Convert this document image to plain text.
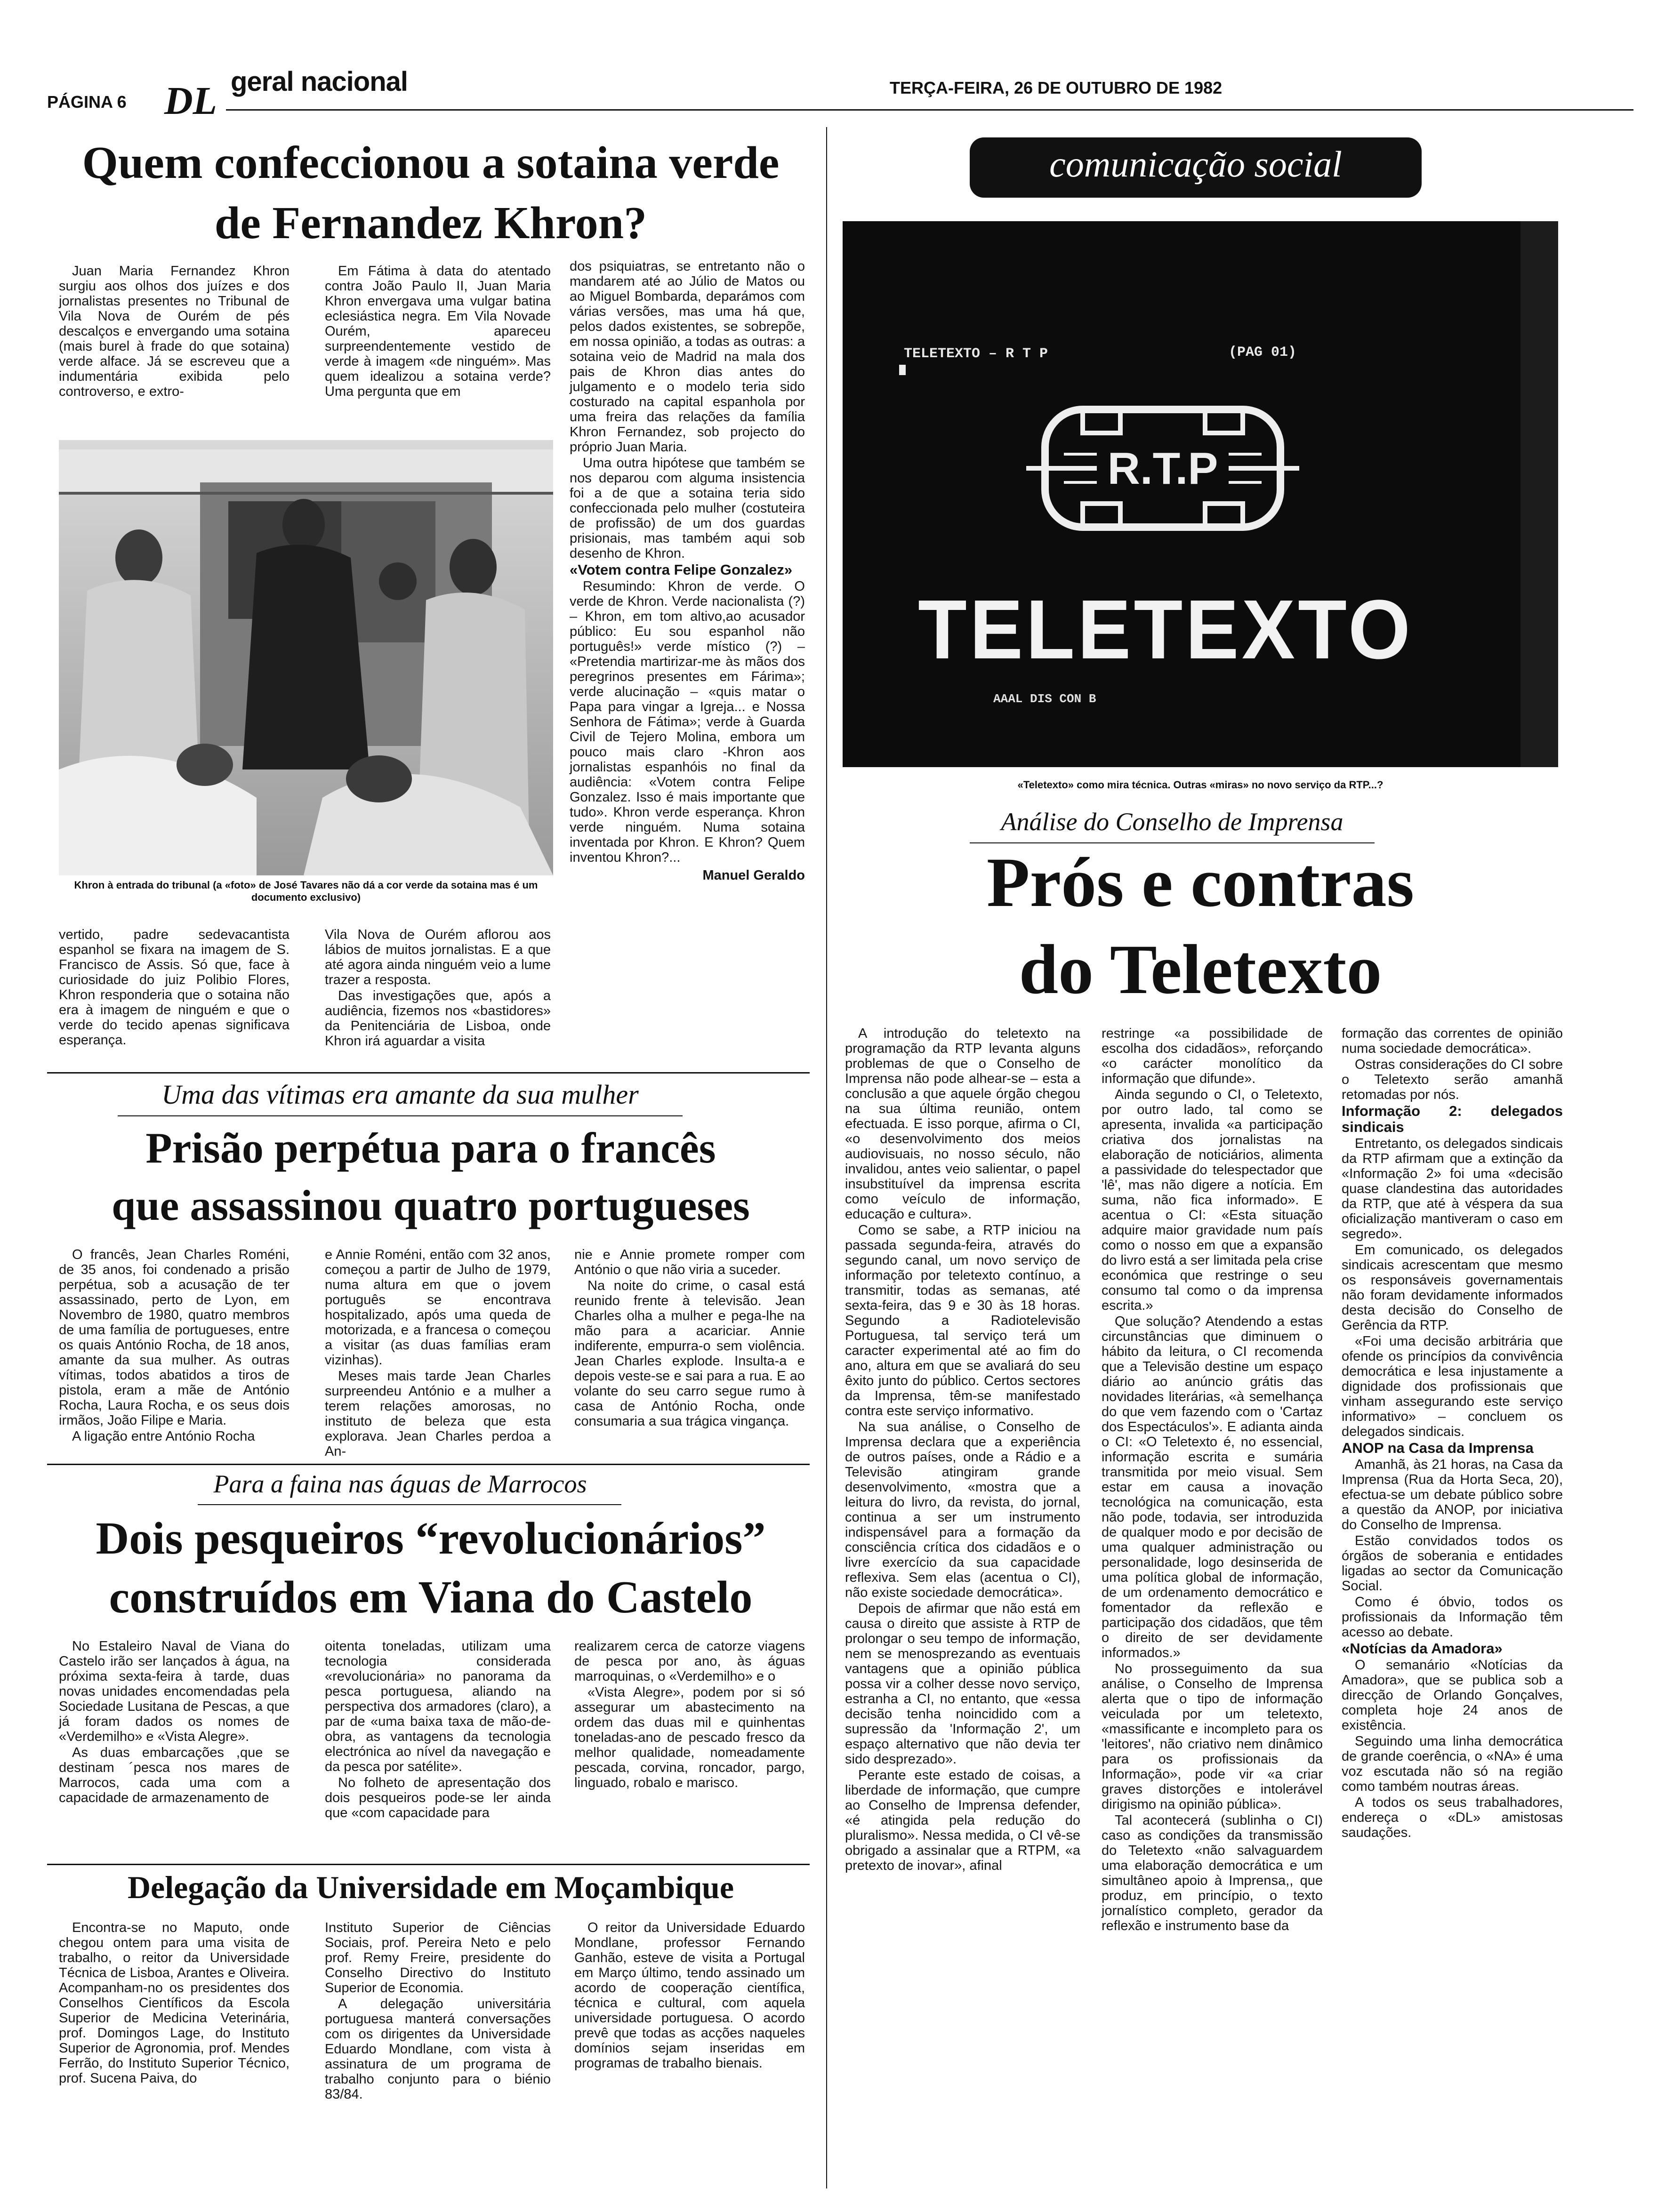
PÁGINA 6 DL geral nacional	TERÇA-FEIRA, 26 DE OUTUBRO DE 1982
Quem confeccionou a sotaina verde
de Fernandez Khron?

Juan Maria Fernandez Khron surgiu aos olhos dos juízes e dos jornalistas presentes no Tribunal de Vila Nova de Ourém de pés descalços e envergando uma sotaina (mais burel à frade do que sotaina) verde alface. Já se escreveu que a indumentária exibida pelo controverso, e extro-

Em Fátima à data do atentado contra João Paulo II, Juan Maria Khron envergava uma vulgar batina eclesiástica negra. Em Vila Novade Ourém, apareceu surpreendentemente vestido de verde à imagem «de ninguém». Mas quem idealizou a sotaina verde? Uma pergunta que em

dos psiquiatras, se entretanto não o mandarem até ao Júlio de Matos ou ao Miguel Bombarda, deparámos com várias versões, mas uma há que, pelos dados existentes, se sobrepõe, em nossa opinião, a todas as outras: a sotaina veio de Madrid na mala dos pais de Khron dias antes do julgamento e o modelo teria sido costurado na capital espanhola por uma freira das relações da família Khron Fernandez, sob projecto do próprio Juan Maria.

Uma outra hipótese que também se nos deparou com alguma insistencia foi a de que a sotaina teria sido confeccionada pelo mulher (costuteira de profissão) de um dos guardas prisionais, mas também aqui sob desenho de Khron.

«Votem contra Felipe Gonzalez»

Resumindo: Khron de verde. O verde de Khron. Verde nacionalista (?) – Khron, em tom altivo,ao acusador público: Eu sou espanhol não português!» verde místico (?) – «Pretendia martirizar-me às mãos dos peregrinos presentes em Fárima»; verde alucinação – «quis matar o Papa para vingar a Igreja... e Nossa Senhora de Fátima»; verde à Guarda Civil de Tejero Molina, embora um pouco mais claro -Khron aos jornalistas espanhóis no final da audiência: «Votem contra Felipe Gonzalez. Isso é mais importante que tudo». Khron verde esperança. Khron verde ninguém. Numa sotaina inventada por Khron. E Khron? Quem inventou Khron?...

Manuel Geraldo

Khron à entrada do tribunal (a «foto» de José Tavares não dá a cor verde da sotaina mas é um documento exclusivo)

vertido, padre sedevacantista espanhol se fixara na imagem de S. Francisco de Assis. Só que, face à curiosidade do juiz Polibio Flores, Khron responderia que o sotaina não era à imagem de ninguém e que o verde do tecido apenas significava esperança.

Vila Nova de Ourém aflorou aos lábios de muitos jornalistas. E a que até agora ainda ninguém veio a lume trazer a resposta.

Das investigações que, após a audiência, fizemos nos «bastidores» da Penitenciária de Lisboa, onde Khron irá aguardar a visita

Uma das vítimas era amante da sua mulher
Prisão perpétua para o francês
que assassinou quatro portugueses

O francês, Jean Charles Roméni, de 35 anos, foi condenado a prisão perpétua, sob a acusação de ter assassinado, perto de Lyon, em Novembro de 1980, quatro membros de uma família de portugueses, entre os quais António Rocha, de 18 anos, amante da sua mulher. As outras vítimas, todos abatidos a tiros de pistola, eram a mãe de António Rocha, Laura Rocha, e os seus dois irmãos, João Filipe e Maria.

A ligação entre António Rocha

e Annie Roméni, então com 32 anos, começou a partir de Julho de 1979, numa altura em que o jovem português se encontrava hospitalizado, após uma queda de motorizada, e a francesa o começou a visitar (as duas famílias eram vizinhas).

Meses mais tarde Jean Charles surpreendeu António e a mulher a terem relações amorosas, no instituto de beleza que esta explorava. Jean Charles perdoa a An-

nie e Annie promete romper com António o que não viria a suceder.

Na noite do crime, o casal está reunido frente à televisão. Jean Charles olha a mulher e pega-lhe na mão para a acariciar. Annie indiferente, empurra-o sem violência. Jean Charles explode. Insulta-a e depois veste-se e sai para a rua. E ao volante do seu carro segue rumo à casa de António Rocha, onde consumaria a sua trágica vingança.

Para a faina nas águas de Marrocos
Dois pesqueiros “revolucionários”
construídos em Viana do Castelo

No Estaleiro Naval de Viana do Castelo irão ser lançados à água, na próxima sexta-feira à tarde, duas novas unidades encomendadas pela Sociedade Lusitana de Pescas, a que já foram dados os nomes de «Verdemilho» e «Vista Alegre».

As duas embarcações ,que se destinam ´pesca nos mares de Marrocos, cada uma com a capacidade de armazenamento de

oitenta toneladas, utilizam uma tecnologia considerada «revolucionária» no panorama da pesca portuguesa, aliando na perspectiva dos armadores (claro), a par de «uma baixa taxa de mão-de-obra, as vantagens da tecnologia electrónica ao nível da navegação e da pesca por satélite».

No folheto de apresentação dos dois pesqueiros pode-se ler ainda que «com capacidade para

realizarem cerca de catorze viagens de pesca por ano, às águas marroquinas, o «Verdemilho» e o

«Vista Alegre», podem por si só assegurar um abastecimento na ordem das duas mil e quinhentas toneladas-ano de pescado fresco da melhor qualidade, nomeadamente pescada, corvina, roncador, pargo, linguado, robalo e marisco.

Delegação da Universidade em Moçambique

Encontra-se no Maputo, onde chegou ontem para uma visita de trabalho, o reitor da Universidade Técnica de Lisboa, Arantes e Oliveira. Acompanham-no os presidentes dos Conselhos Científicos da Escola Superior de Medicina Veterinária, prof. Domingos Lage, do Instituto Superior de Agronomia, prof. Mendes Ferrão, do Instituto Superior Técnico, prof. Sucena Paiva, do

Instituto Superior de Ciências Sociais, prof. Pereira Neto e pelo prof. Remy Freire, presidente do Conselho Directivo do Instituto Superior de Economia.

A delegação universitária portuguesa manterá conversações com os dirigentes da Universidade Eduardo Mondlane, com vista à assinatura de um programa de trabalho conjunto para o biénio 83/84.

O reitor da Universidade Eduardo Mondlane, professor Fernando Ganhão, esteve de visita a Portugal em Março último, tendo assinado um acordo de cooperação científica, técnica e cultural, com aquela universidade portuguesa. O acordo prevê que todas as acções naqueles domínios sejam inseridas em programas de trabalho bienais.

comunicação social
TELETEXTO – R T P	(PAG 01)
R.T.P
TELETEXTO
AAAL DIS CON B
«Teletexto» como mira técnica. Outras «miras» no novo serviço da RTP...?
Análise do Conselho de Imprensa
Prós e contras
do Teletexto

A introdução do teletexto na programação da RTP levanta alguns problemas de que o Conselho de Imprensa não pode alhear-se – esta a conclusão a que aquele órgão chegou na sua última reunião, ontem efectuada. E isso porque, afirma o CI, «o desenvolvimento dos meios audiovisuais, no nosso século, não invalidou, antes veio salientar, o papel insubstituível da imprensa escrita como veículo de informação, educação e cultura».

Como se sabe, a RTP iniciou na passada segunda-feira, através do segundo canal, um novo serviço de informação por teletexto contínuo, a transmitir, todas as semanas, até sexta-feira, das 9 e 30 às 18 horas. Segundo a Radiotelevisão Portuguesa, tal serviço terá um caracter experimental até ao fim do ano, altura em que se avaliará do seu êxito junto do público. Certos sectores da Imprensa, têm-se manifestado contra este serviço informativo.

Na sua análise, o Conselho de Imprensa declara que a experiência de outros países, onde a Rádio e a Televisão atingiram grande desenvolvimento, «mostra que a leitura do livro, da revista, do jornal, continua a ser um instrumento indispensável para a formação da consciência crítica dos cidadãos e o livre exercício da sua capacidade reflexiva. Sem elas (acentua o CI), não existe sociedade democrática».

Depois de afirmar que não está em causa o direito que assiste à RTP de prolongar o seu tempo de informação, nem se menosprezando as eventuais vantagens que a opinião pública possa vir a colher desse novo serviço, estranha a CI, no entanto, que «essa decisão tenha noincidido com a supressão da 'Informação 2', um espaço alternativo que não devia ter sido desprezado».

Perante este estado de coisas, a liberdade de informação, que cumpre ao Conselho de Imprensa defender, «é atingida pela redução do pluralismo». Nessa medida, o CI vê-se obrigado a assinalar que a RTPM, «a pretexto de inovar», afinal

restringe «a possibilidade de escolha dos cidadãos», reforçando «o carácter monolítico da informação que difunde».

Ainda segundo o CI, o Teletexto, por outro lado, tal como se apresenta, invalida «a participação criativa dos jornalistas na elaboração de noticiários, alimenta a passividade do telespectador que 'lê', mas não digere a notícia. Em suma, não fica informado». E acentua o CI: «Esta situação adquire maior gravidade num país como o nosso em que a expansão do livro está a ser limitada pela crise económica que restringe o seu consumo tal como o da imprensa escrita.»

Que solução? Atendendo a estas circunstâncias que diminuem o hábito da leitura, o CI recomenda que a Televisão destine um espaço diário ao anúncio grátis das novidades literárias, «à semelhança do que vem fazendo com o 'Cartaz dos Espectáculos'». E adianta ainda o CI: «O Teletexto é, no essencial, informação escrita e sumária transmitida por meio visual. Sem estar em causa a inovação tecnológica na comunicação, esta não pode, todavia, ser introduzida de qualquer modo e por decisão de uma qualquer administração ou personalidade, logo desinserida de uma política global de informação, de um ordenamento democrático e fomentador da reflexão e participação dos cidadãos, que têm o direito de ser devidamente informados.»

No prosseguimento da sua análise, o Conselho de Imprensa alerta que o tipo de informação veiculada por um teletexto, «massificante e incompleto para os 'leitores', não criativo nem dinâmico para os profissionais da Informação», pode vir «a criar graves distorções e intolerável dirigismo na opinião pública».

Tal acontecerá (sublinha o CI) caso as condições da transmissão do Teletexto «não salvaguardem uma elaboração democrática e um simultâneo apoio à Imprensa,, que produz, em princípio, o texto jornalístico completo, gerador da reflexão e instrumento base da

formação das correntes de opinião numa sociedade democrática».

Ostras considerações do CI sobre o Teletexto serão amanhã retomadas por nós.

Informação 2: delegados sindicais

Entretanto, os delegados sindicais da RTP afirmam que a extinção da «Informação 2» foi uma «decisão quase clandestina das autoridades da RTP, que até à véspera da sua oficialização mantiveram o caso em segredo».

Em comunicado, os delegados sindicais acrescentam que mesmo os responsáveis governamentais não foram devidamente informados desta decisão do Conselho de Gerência da RTP.

«Foi uma decisão arbitrária que ofende os princípios da convivência democrática e lesa injustamente a dignidade dos profissionais que vinham assegurando este serviço informativo» – concluem os delegados sindicais.

ANOP na Casa da Imprensa

Amanhã, às 21 horas, na Casa da Imprensa (Rua da Horta Seca, 20), efectua-se um debate público sobre a questão da ANOP, por iniciativa do Conselho de Imprensa.

Estão convidados todos os órgãos de soberania e entidades ligadas ao sector da Comunicação Social.

Como é óbvio, todos os profissionais da Informação têm acesso ao debate.

«Notícias da Amadora»

O semanário «Notícias da Amadora», que se publica sob a direcção de Orlando Gonçalves, completa hoje 24 anos de existência.

Seguindo uma linha democrática de grande coerência, o «NA» é uma voz escutada não só na região como também noutras áreas.

A todos os seus trabalhadores, endereça o «DL» amistosas saudações.
